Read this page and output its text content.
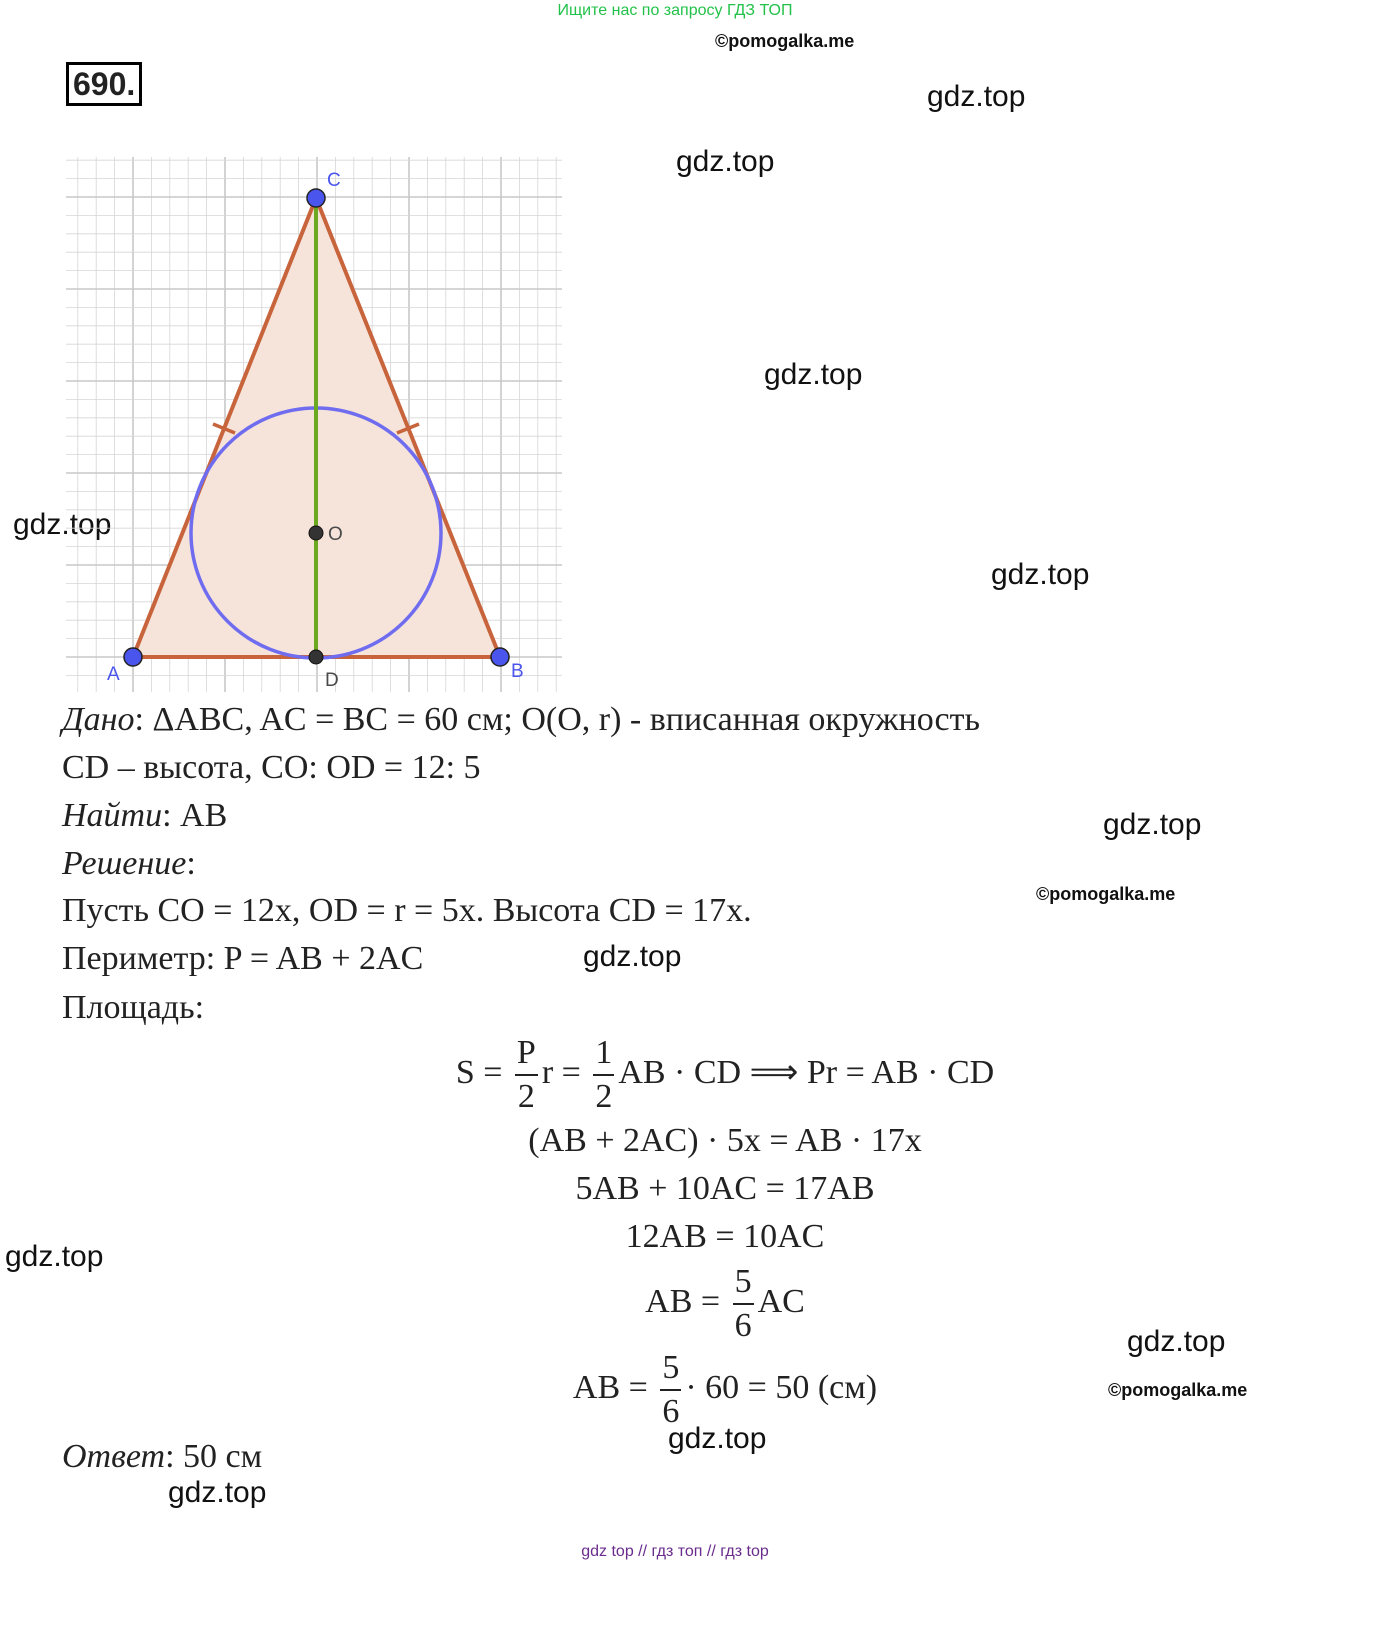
Ищите нас по запросу ГДЗ ТОП
©pomogalka.me
690.	gdz.top
gdz.top
gdz.top
gdz.top
gdz.top
gdz.top
©pomogalka.me
gdz.top
gdz.top
gdz.top
©pomogalka.me
gdz.top
gdz.top
A	B
C
D
O
Дано: ΔABC, AC = BC = 60 см; O(O, r) - вписанная окружность
CD – высота, CO: OD = 12: 5
Найти: AB
Решение:
Пусть CO = 12x, OD = r = 5x. Высота CD = 17x.
Периметр: P = AB + 2AC
Площадь:
$S = \frac{P}{2}$ $r = \frac{1}{2}$ AB · CD ⟹ Pr = AB · CD
(AB + 2AC) · 5x = AB · 17x
5AB + 10AC = 17AB
12AB = 10AC
AB = $\frac{5}{6}$ AC
AB = $\frac{5}{6} \cdot 60 = 50$ (см)
Ответ: 50 см
gdz top // гдз топ // гдз top
